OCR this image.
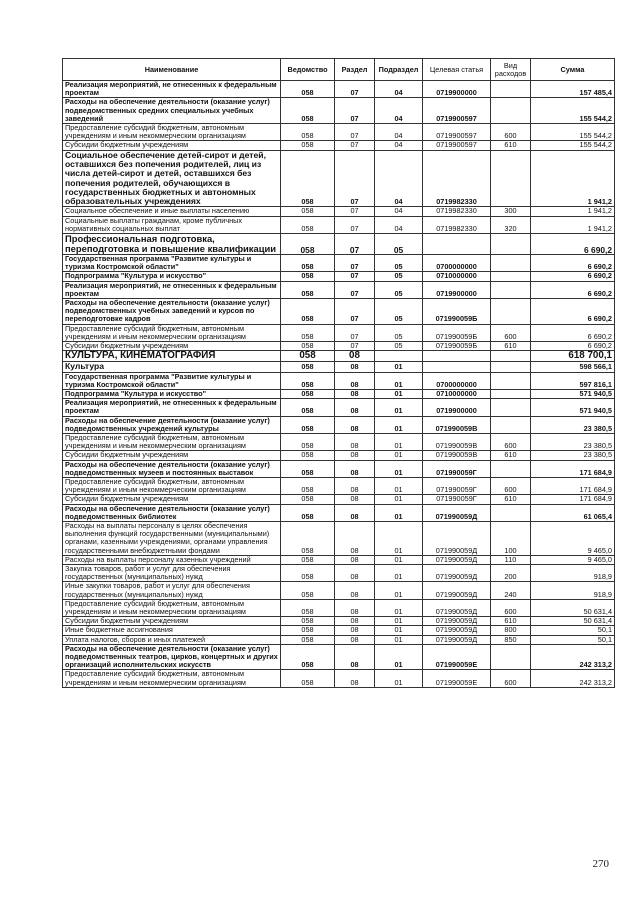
Наименование	Ведомство	Раздел	Подраздел	Целевая статья	Вид расходов	Сумма
Реализация мероприятий, не отнесенных к федеральным проектам	058	07	04	0719900000		157 485,4
Расходы на обеспечение деятельности (оказание услуг) подведомственных средних специальных учебных заведений	058	07	04	0719900597		155 544,2
Предоставление субсидий бюджетным, автономным учреждениям и иным некоммерческим организациям	058	07	04	0719900597	600	155 544,2
Субсидии бюджетным учреждениям	058	07	04	0719900597	610	155 544,2
Социальное обеспечение детей-сирот и детей, оставшихся без попечения родителей, лиц из числа детей-сирот и детей, оставшихся без попечения родителей, обучающихся в государственных бюджетных и автономных образовательных учреждениях	058	07	04	0719982330		1 941,2
Социальное обеспечение и иные выплаты населению	058	07	04	0719982330	300	1 941,2
Социальные выплаты гражданам, кроме публичных нормативных социальных выплат	058	07	04	0719982330	320	1 941,2
Профессиональная подготовка, переподготовка и повышение квалификации	058	07	05			6 690,2
Государственная программа "Развитие культуры и туризма Костромской области"	058	07	05	0700000000		6 690,2
Подпрограмма "Культура и искусство"	058	07	05	0710000000		6 690,2
Реализация мероприятий, не отнесенных к федеральным проектам	058	07	05	0719900000		6 690,2
Расходы на обеспечение деятельности (оказание услуг) подведомственных учебных заведений и курсов по переподготовке кадров	058	07	05	071990059Б		6 690,2
Предоставление субсидий бюджетным, автономным учреждениям и иным некоммерческим организациям	058	07	05	071990059Б	600	6 690,2
Субсидии бюджетным учреждениям	058	07	05	071990059Б	610	6 690,2
КУЛЬТУРА, КИНЕМАТОГРАФИЯ	058	08				618 700,1
Культура	058	08	01			598 566,1
Государственная программа "Развитие культуры и туризма Костромской области"	058	08	01	0700000000		597 816,1
Подпрограмма "Культура и искусство"	058	08	01	0710000000		571 940,5
Реализация мероприятий, не отнесенных к федеральным проектам	058	08	01	0719900000		571 940,5
Расходы на обеспечение деятельности (оказание услуг) подведомственных учреждений культуры	058	08	01	071990059В		23 380,5
Предоставление субсидий бюджетным, автономным учреждениям и иным некоммерческим организациям	058	08	01	071990059В	600	23 380,5
Субсидии бюджетным учреждениям	058	08	01	071990059В	610	23 380,5
Расходы на обеспечение деятельности (оказание услуг) подведомственных музеев и постоянных выставок	058	08	01	071990059Г		171 684,9
Предоставление субсидий бюджетным, автономным учреждениям и иным некоммерческим организациям	058	08	01	071990059Г	600	171 684,9
Субсидии бюджетным учреждениям	058	08	01	071990059Г	610	171 684,9
Расходы на обеспечение деятельности (оказание услуг) подведомственных библиотек	058	08	01	071990059Д		61 065,4
Расходы на выплаты персоналу в целях обеспечения выполнения функций государственными (муниципальными) органами, казенными учреждениями, органами управления государственными внебюджетными фондами	058	08	01	071990059Д	100	9 465,0
Расходы на выплаты персоналу казенных учреждений	058	08	01	071990059Д	110	9 465,0
Закупка товаров, работ и услуг для обеспечения государственных (муниципальных) нужд	058	08	01	071990059Д	200	918,9
Иные закупки товаров, работ и услуг для обеспечения государственных (муниципальных) нужд	058	08	01	071990059Д	240	918,9
Предоставление субсидий бюджетным, автономным учреждениям и иным некоммерческим организациям	058	08	01	071990059Д	600	50 631,4
Субсидии бюджетным учреждениям	058	08	01	071990059Д	610	50 631,4
Иные бюджетные ассигнования	058	08	01	071990059Д	800	50,1
Уплата налогов, сборов и иных платежей	058	08	01	071990059Д	850	50,1
Расходы на обеспечение деятельности (оказание услуг) подведомственных театров, цирков, концертных и других организаций исполнительских искусств	058	08	01	071990059Е		242 313,2
Предоставление субсидий бюджетным, автономным учреждениям и иным некоммерческим организациям	058	08	01	071990059Е	600	242 313,2
270
